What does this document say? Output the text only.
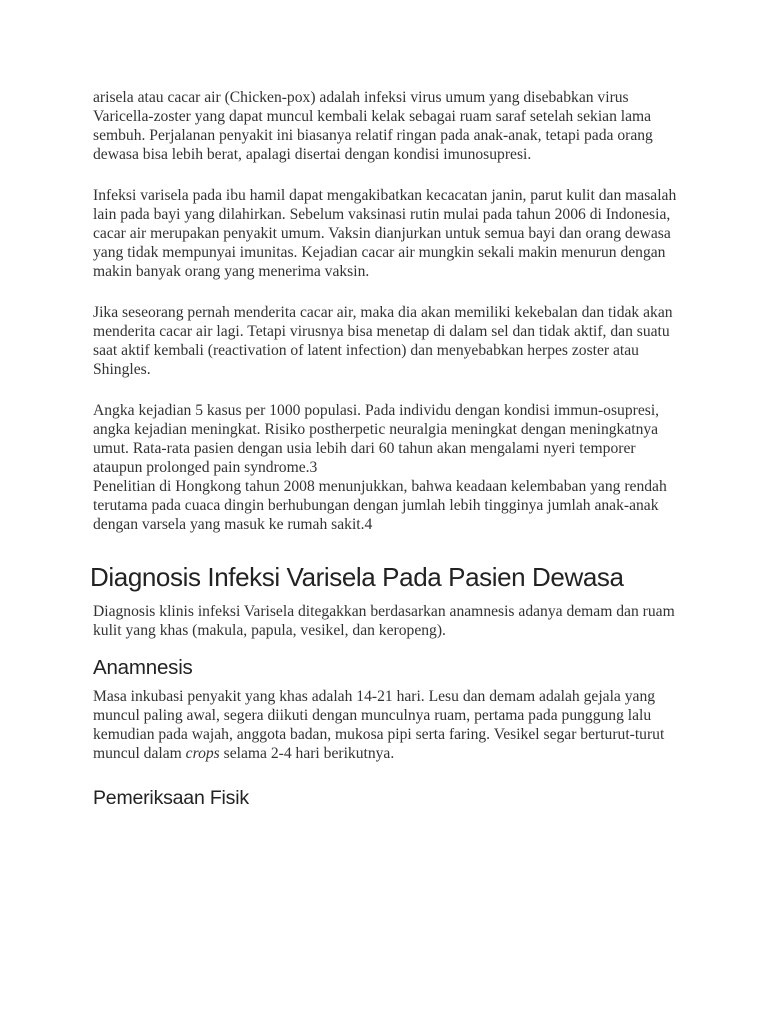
arisela atau cacar air (Chicken-pox) adalah infeksi virus umum yang disebabkan virus Varicella-zoster yang dapat muncul kembali kelak sebagai ruam saraf setelah sekian lama sembuh. Perjalanan penyakit ini biasanya relatif ringan pada anak-anak, tetapi pada orang dewasa bisa lebih berat, apalagi disertai dengan kondisi imunosupresi.

Infeksi varisela pada ibu hamil dapat mengakibatkan kecacatan janin, parut kulit dan masalah lain pada bayi yang dilahirkan. Sebelum vaksinasi rutin mulai pada tahun 2006 di Indonesia, cacar air merupakan penyakit umum. Vaksin dianjurkan untuk semua bayi dan orang dewasa yang tidak mempunyai imunitas. Kejadian cacar air mungkin sekali makin menurun dengan makin banyak orang yang menerima vaksin.

Jika seseorang pernah menderita cacar air, maka dia akan memiliki kekebalan dan tidak akan menderita cacar air lagi. Tetapi virusnya bisa menetap di dalam sel dan tidak aktif, dan suatu saat aktif kembali (reactivation of latent infection) dan menyebabkan herpes zoster atau Shingles.

Angka kejadian 5 kasus per 1000 populasi. Pada individu dengan kondisi immun-osupresi, angka kejadian meningkat. Risiko postherpetic neuralgia meningkat dengan meningkatnya umut. Rata-rata pasien dengan usia lebih dari 60 tahun akan mengalami nyeri temporer ataupun prolonged pain syndrome.3
Penelitian di Hongkong tahun 2008 menunjukkan, bahwa keadaan kelembaban yang rendah terutama pada cuaca dingin berhubungan dengan jumlah lebih tingginya jumlah anak-anak dengan varsela yang masuk ke rumah sakit.4

Diagnosis Infeksi Varisela Pada Pasien Dewasa

Diagnosis klinis infeksi Varisela ditegakkan berdasarkan anamnesis adanya demam dan ruam kulit yang khas (makula, papula, vesikel, dan keropeng).

Anamnesis

Masa inkubasi penyakit yang khas adalah 14-21 hari. Lesu dan demam adalah gejala yang muncul paling awal, segera diikuti dengan munculnya ruam, pertama pada punggung lalu kemudian pada wajah, anggota badan, mukosa pipi serta faring. Vesikel segar berturut-turut muncul dalam crops selama 2-4 hari berikutnya.

Pemeriksaan Fisik
